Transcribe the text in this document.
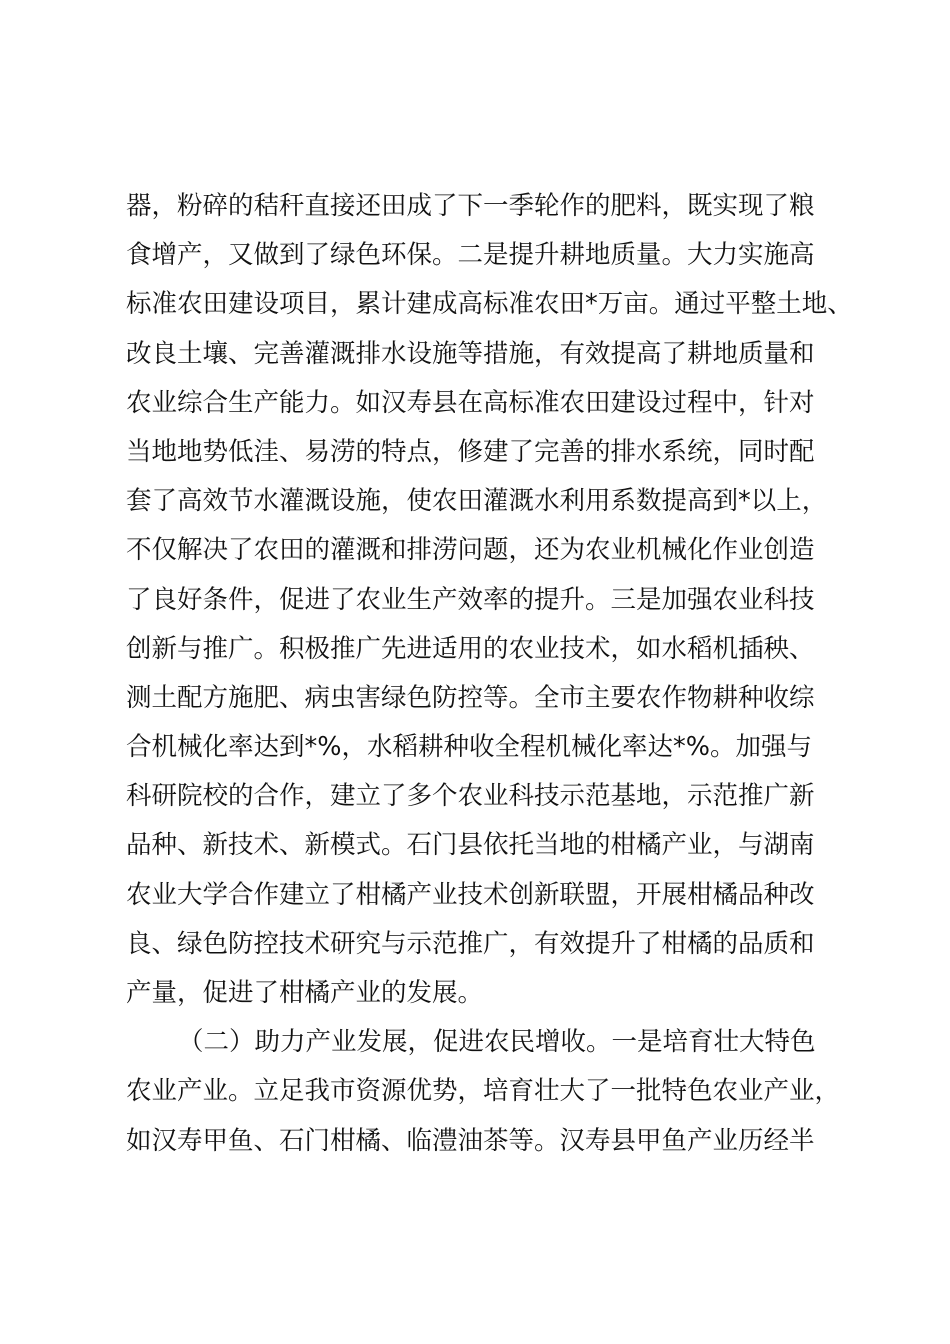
器，粉碎的秸秆直接还田成了下一季轮作的肥料，既实现了粮
食增产，又做到了绿色环保。二是提升耕地质量。大力实施高
标准农田建设项目，累计建成高标准农田*万亩。通过平整土地、
改良土壤、完善灌溉排水设施等措施，有效提高了耕地质量和
农业综合生产能力。如汉寿县在高标准农田建设过程中，针对
当地地势低洼、易涝的特点，修建了完善的排水系统，同时配
套了高效节水灌溉设施，使农田灌溉水利用系数提高到*以上，
不仅解决了农田的灌溉和排涝问题，还为农业机械化作业创造
了良好条件，促进了农业生产效率的提升。三是加强农业科技
创新与推广。积极推广先进适用的农业技术，如水稻机插秧、
测土配方施肥、病虫害绿色防控等。全市主要农作物耕种收综
合机械化率达到*%，水稻耕种收全程机械化率达*%。加强与
科研院校的合作，建立了多个农业科技示范基地，示范推广新
品种、新技术、新模式。石门县依托当地的柑橘产业，与湖南
农业大学合作建立了柑橘产业技术创新联盟，开展柑橘品种改
良、绿色防控技术研究与示范推广，有效提升了柑橘的品质和
产量，促进了柑橘产业的发展。
（二）助力产业发展，促进农民增收。一是培育壮大特色
农业产业。立足我市资源优势，培育壮大了一批特色农业产业，
如汉寿甲鱼、石门柑橘、临澧油茶等。汉寿县甲鱼产业历经半
